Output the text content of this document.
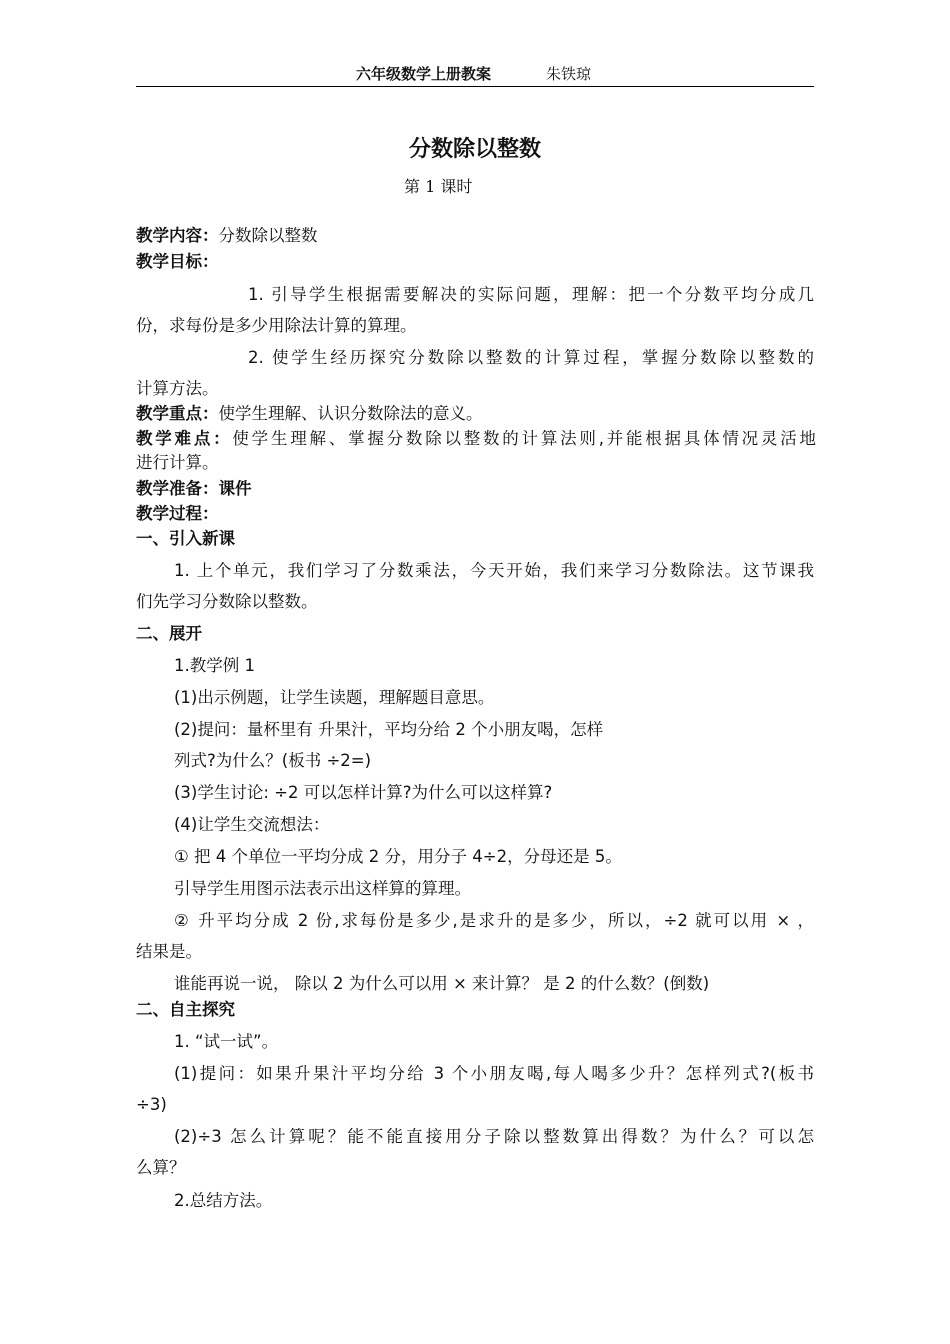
六年级数学上册教案	朱铁琼
分数除以整数
第 1 课时
教学内容：分数除以整数
教学目标：
1. 引导学生根据需要解决的实际问题，理解：把一个分数平均分成几
份，求每份是多少用除法计算的算理。
2. 使学生经历探究分数除以整数的计算过程，掌握分数除以整数的
计算方法。
教学重点：使学生理解、认识分数除法的意义。
教学难点：使学生理解、掌握分数除以整数的计算法则,并能根据具体情况灵活地
进行计算。
教学准备：课件
教学过程：
一、引入新课
1. 上个单元，我们学习了分数乘法，今天开始，我们来学习分数除法。这节课我
们先学习分数除以整数。
二、展开
1.教学例 1
(1)出示例题，让学生读题，理解题目意思。
(2)提问：量杯里有 升果汁，平均分给 2 个小朋友喝，怎样
列式?为什么？(板书 ÷2=)
(3)学生讨论: ÷2 可以怎样计算?为什么可以这样算?
(4)让学生交流想法：
① 把 4 个单位一平均分成 2 分，用分子 4÷2，分母还是 5。
引导学生用图示法表示出这样算的算理。
② 升平均分成 2 份,求每份是多少,是求升的是多少，所以，÷2 就可以用 × ，
结果是。
谁能再说一说， 除以 2 为什么可以用 × 来计算？ 是 2 的什么数？(倒数)
二、自主探究
1. “试一试”。
(1)提问：如果升果汁平均分给 3 个小朋友喝,每人喝多少升？怎样列式?(板书
÷3)
(2)÷3 怎么计算呢？能不能直接用分子除以整数算出得数？为什么？可以怎
么算？
2.总结方法。
